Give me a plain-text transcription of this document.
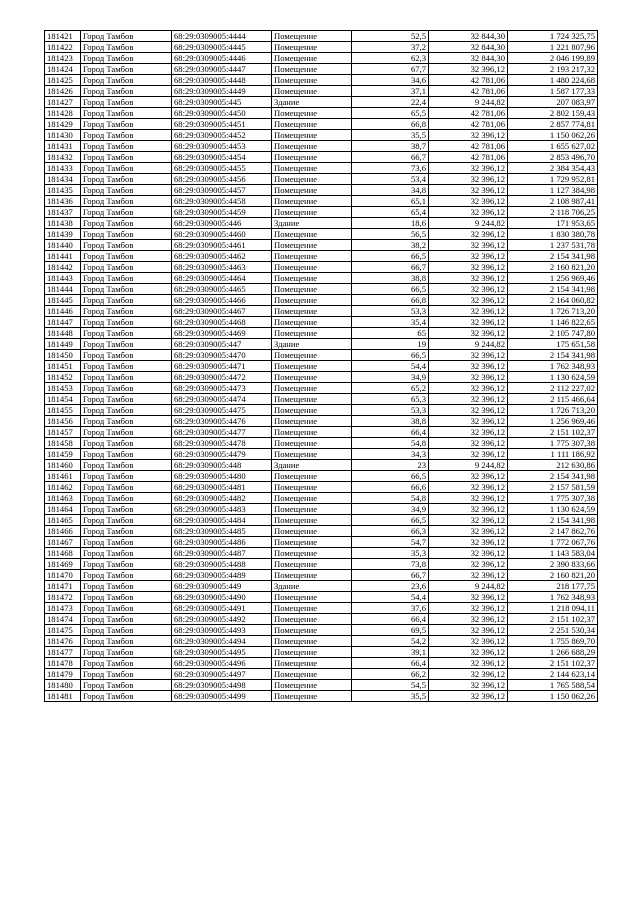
181421	Город Тамбов	68:29:0309005:4444	Помещение	52,5	32 844,30	1 724 325,75
181422	Город Тамбов	68:29:0309005:4445	Помещение	37,2	32 844,30	1 221 807,96
181423	Город Тамбов	68:29:0309005:4446	Помещение	62,3	32 844,30	2 046 199,89
181424	Город Тамбов	68:29:0309005:4447	Помещение	67,7	32 396,12	2 193 217,32
181425	Город Тамбов	68:29:0309005:4448	Помещение	34,6	42 781,06	1 480 224,68
181426	Город Тамбов	68:29:0309005:4449	Помещение	37,1	42 781,06	1 587 177,33
181427	Город Тамбов	68:29:0309005:445	Здание	22,4	9 244,82	207 083,97
181428	Город Тамбов	68:29:0309005:4450	Помещение	65,5	42 781,06	2 802 159,43
181429	Город Тамбов	68:29:0309005:4451	Помещение	66,8	42 781,06	2 857 774,81
181430	Город Тамбов	68:29:0309005:4452	Помещение	35,5	32 396,12	1 150 062,26
181431	Город Тамбов	68:29:0309005:4453	Помещение	38,7	42 781,06	1 655 627,02
181432	Город Тамбов	68:29:0309005:4454	Помещение	66,7	42 781,06	2 853 496,70
181433	Город Тамбов	68:29:0309005:4455	Помещение	73,6	32 396,12	2 384 354,43
181434	Город Тамбов	68:29:0309005:4456	Помещение	53,4	32 396,12	1 729 952,81
181435	Город Тамбов	68:29:0309005:4457	Помещение	34,8	32 396,12	1 127 384,98
181436	Город Тамбов	68:29:0309005:4458	Помещение	65,1	32 396,12	2 108 987,41
181437	Город Тамбов	68:29:0309005:4459	Помещение	65,4	32 396,12	2 118 706,25
181438	Город Тамбов	68:29:0309005:446	Здание	18,6	9 244,82	171 953,65
181439	Город Тамбов	68:29:0309005:4460	Помещение	56,5	32 396,12	1 830 380,78
181440	Город Тамбов	68:29:0309005:4461	Помещение	38,2	32 396,12	1 237 531,78
181441	Город Тамбов	68:29:0309005:4462	Помещение	66,5	32 396,12	2 154 341,98
181442	Город Тамбов	68:29:0309005:4463	Помещение	66,7	32 396,12	2 160 821,20
181443	Город Тамбов	68:29:0309005:4464	Помещение	38,8	32 396,12	1 256 969,46
181444	Город Тамбов	68:29:0309005:4465	Помещение	66,5	32 396,12	2 154 341,98
181445	Город Тамбов	68:29:0309005:4466	Помещение	66,8	32 396,12	2 164 060,82
181446	Город Тамбов	68:29:0309005:4467	Помещение	53,3	32 396,12	1 726 713,20
181447	Город Тамбов	68:29:0309005:4468	Помещение	35,4	32 396,12	1 146 822,65
181448	Город Тамбов	68:29:0309005:4469	Помещение	65	32 396,12	2 105 747,80
181449	Город Тамбов	68:29:0309005:447	Здание	19	9 244,82	175 651,58
181450	Город Тамбов	68:29:0309005:4470	Помещение	66,5	32 396,12	2 154 341,98
181451	Город Тамбов	68:29:0309005:4471	Помещение	54,4	32 396,12	1 762 348,93
181452	Город Тамбов	68:29:0309005:4472	Помещение	34,9	32 396,12	1 130 624,59
181453	Город Тамбов	68:29:0309005:4473	Помещение	65,2	32 396,12	2 112 227,02
181454	Город Тамбов	68:29:0309005:4474	Помещение	65,3	32 396,12	2 115 466,64
181455	Город Тамбов	68:29:0309005:4475	Помещение	53,3	32 396,12	1 726 713,20
181456	Город Тамбов	68:29:0309005:4476	Помещение	38,8	32 396,12	1 256 969,46
181457	Город Тамбов	68:29:0309005:4477	Помещение	66,4	32 396,12	2 151 102,37
181458	Город Тамбов	68:29:0309005:4478	Помещение	54,8	32 396,12	1 775 307,38
181459	Город Тамбов	68:29:0309005:4479	Помещение	34,3	32 396,12	1 111 186,92
181460	Город Тамбов	68:29:0309005:448	Здание	23	9 244,82	212 630,86
181461	Город Тамбов	68:29:0309005:4480	Помещение	66,5	32 396,12	2 154 341,98
181462	Город Тамбов	68:29:0309005:4481	Помещение	66,6	32 396,12	2 157 581,59
181463	Город Тамбов	68:29:0309005:4482	Помещение	54,8	32 396,12	1 775 307,38
181464	Город Тамбов	68:29:0309005:4483	Помещение	34,9	32 396,12	1 130 624,59
181465	Город Тамбов	68:29:0309005:4484	Помещение	66,5	32 396,12	2 154 341,98
181466	Город Тамбов	68:29:0309005:4485	Помещение	66,3	32 396,12	2 147 862,76
181467	Город Тамбов	68:29:0309005:4486	Помещение	54,7	32 396,12	1 772 067,76
181468	Город Тамбов	68:29:0309005:4487	Помещение	35,3	32 396,12	1 143 583,04
181469	Город Тамбов	68:29:0309005:4488	Помещение	73,8	32 396,12	2 390 833,66
181470	Город Тамбов	68:29:0309005:4489	Помещение	66,7	32 396,12	2 160 821,20
181471	Город Тамбов	68:29:0309005:449	Здание	23,6	9 244,82	218 177,75
181472	Город Тамбов	68:29:0309005:4490	Помещение	54,4	32 396,12	1 762 348,93
181473	Город Тамбов	68:29:0309005:4491	Помещение	37,6	32 396,12	1 218 094,11
181474	Город Тамбов	68:29:0309005:4492	Помещение	66,4	32 396,12	2 151 102,37
181475	Город Тамбов	68:29:0309005:4493	Помещение	69,5	32 396,12	2 251 530,34
181476	Город Тамбов	68:29:0309005:4494	Помещение	54,2	32 396,12	1 755 869,70
181477	Город Тамбов	68:29:0309005:4495	Помещение	39,1	32 396,12	1 266 688,29
181478	Город Тамбов	68:29:0309005:4496	Помещение	66,4	32 396,12	2 151 102,37
181479	Город Тамбов	68:29:0309005:4497	Помещение	66,2	32 396,12	2 144 623,14
181480	Город Тамбов	68:29:0309005:4498	Помещение	54,5	32 396,12	1 765 588,54
181481	Город Тамбов	68:29:0309005:4499	Помещение	35,5	32 396,12	1 150 062,26
